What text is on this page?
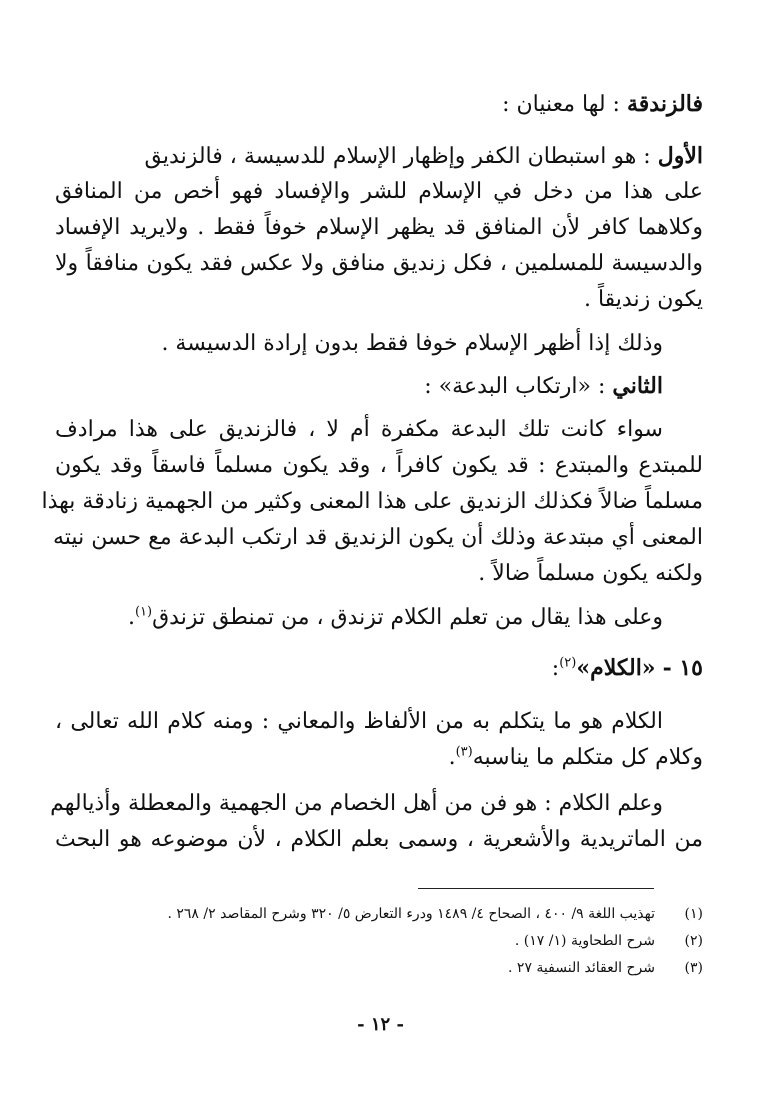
فالزندقة : لها معنيان :
الأول : هو استبطان الكفر وإظهار الإسلام للدسيسة ، فالزنديق
على هذا من دخل في الإسلام للشر والإفساد فهو أخص من المنافق
وكلاهما كافر لأن المنافق قد يظهر الإسلام خوفاً فقط . ولايريد الإفساد
والدسيسة للمسلمين ، فكل زنديق منافق ولا عكس فقد يكون منافقاً ولا
يكون زنديقاً .
وذلك إذا أظهر الإسلام خوفا فقط بدون إرادة الدسيسة .
الثاني : «ارتكاب البدعة» :
سواء كانت تلك البدعة مكفرة أم لا ، فالزنديق على هذا مرادف
للمبتدع والمبتدع : قد يكون كافراً ، وقد يكون مسلماً فاسقاً وقد يكون
مسلماً ضالاً فكذلك الزنديق على هذا المعنى وكثير من الجهمية زنادقة بهذا
المعنى أي مبتدعة وذلك أن يكون الزنديق قد ارتكب البدعة مع حسن نيته
ولكنه يكون مسلماً ضالاً .
وعلى هذا يقال من تعلم الكلام تزندق ، من تمنطق تزندق$^{(١)}$.
١٥ - «الكلام»$^{(٢)}$:
الكلام هو ما يتكلم به من الألفاظ والمعاني : ومنه كلام الله تعالى ،
وكلام كل متكلم ما يناسبه$^{(٣)}$.
وعلم الكلام : هو فن من أهل الخصام من الجهمية والمعطلة وأذيالهم
من الماتريدية والأشعرية ، وسمى بعلم الكلام ، لأن موضوعه هو البحث
(١)تهذيب اللغة ٩/ ٤٠٠ ، الصحاح ٤/ ١٤٨٩ ودرء التعارض ٥/ ٣٢٠ وشرح المقاصد ٢/ ٢٦٨ .
(٢)شرح الطحاوية (١/ ١٧) .
(٣)شرح العقائد النسفية ٢٧ .
- ١٢ -
